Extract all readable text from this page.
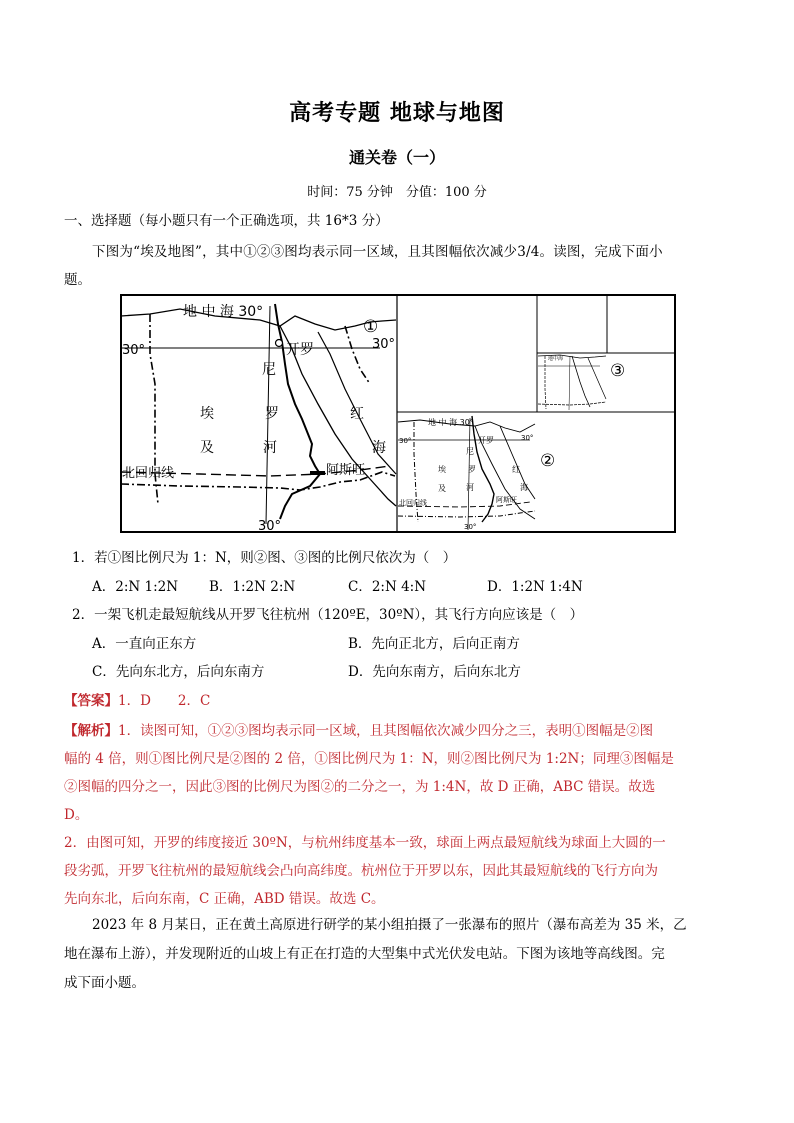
高考专题 地球与地图
通关卷（一）
时间：75 分钟　分值：100 分
一、选择题（每小题只有一个正确选项，共 16*3 分）
下图为“埃及地图”，其中①②③图均表示同一区域，且其图幅依次减少3/4。读图，完成下面小
题。
地 中 海 30°
30°	30°
开罗
尼
罗
河
埃
及
红
海
阿斯旺
北回归线
30°
①
地 中 海 30°
30°	30°
开罗
埃
及
尼
罗
河
红
海
阿斯旺
北回归线
30°
②
地中海
③
1．若①图比例尺为 1：N，则②图、③图的比例尺依次为（　）
A．2:N 1:2N B．1:2N 2:N	C．2:N 4:N	D．1:2N 1:4N
2．一架飞机走最短航线从开罗飞往杭州（120ºE，30ºN），其飞行方向应该是（　）
A．一直向正东方	B．先向正北方，后向正南方
C．先向东北方，后向东南方	D．先向东南方，后向东北方
【答案】1．D　　2．C
【解析】1．读图可知，①②③图均表示同一区域，且其图幅依次减少四分之三，表明①图幅是②图
幅的 4 倍，则①图比例尺是②图的 2 倍，①图比例尺为 1：N，则②图比例尺为 1:2N；同理③图幅是
②图幅的四分之一，因此③图的比例尺为图②的二分之一，为 1:4N，故 D 正确，ABC 错误。故选
D。
2．由图可知，开罗的纬度接近 30ºN，与杭州纬度基本一致，球面上两点最短航线为球面上大圆的一
段劣弧，开罗飞往杭州的最短航线会凸向高纬度。杭州位于开罗以东，因此其最短航线的飞行方向为
先向东北，后向东南，C 正确，ABD 错误。故选 C。
2023 年 8 月某日，正在黄土高原进行研学的某小组拍摄了一张瀑布的照片（瀑布高差为 35 米，乙
地在瀑布上游），并发现附近的山坡上有正在打造的大型集中式光伏发电站。下图为该地等高线图。完
成下面小题。
